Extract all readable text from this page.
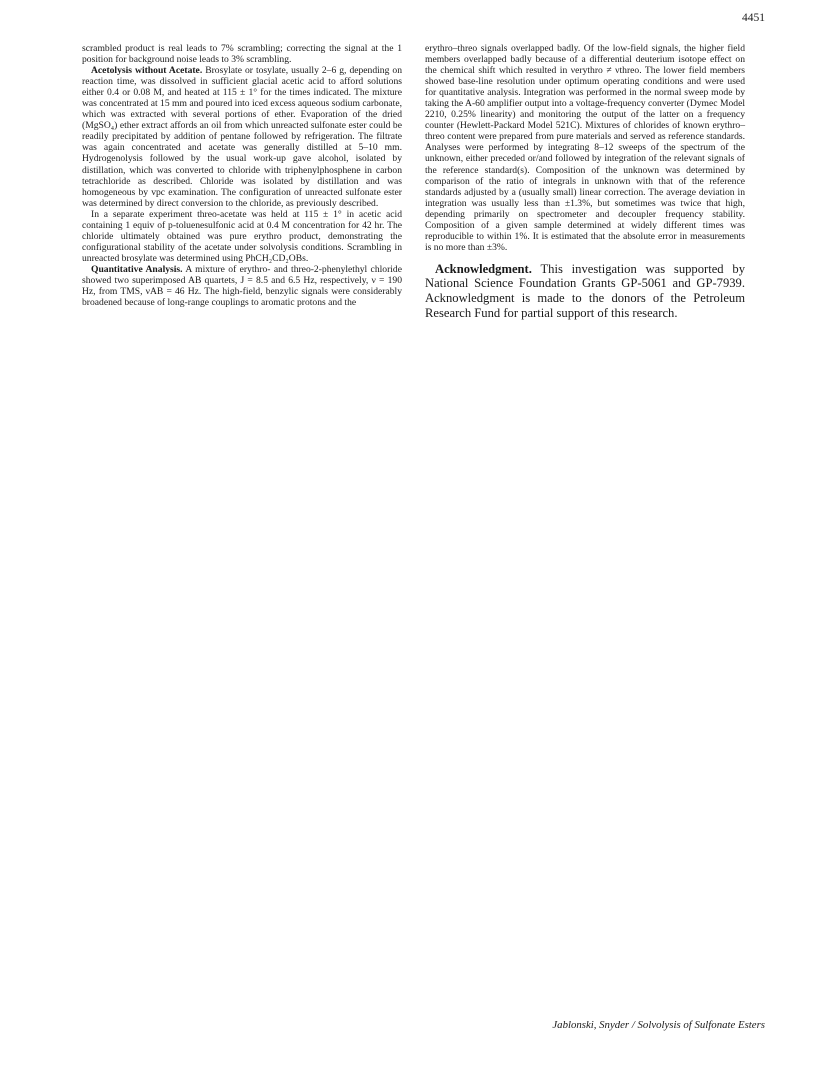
4451

scrambled product is real leads to 7% scrambling; correcting the signal at the 1 position for background noise leads to 3% scrambling.

Acetolysis without Acetate. Brosylate or tosylate, usually 2–6 g, depending on reaction time, was dissolved in sufficient glacial acetic acid to afford solutions either 0.4 or 0.08 M, and heated at 115 ± 1° for the times indicated. The mixture was concentrated at 15 mm and poured into iced excess aqueous sodium carbonate, which was extracted with several portions of ether. Evaporation of the dried (MgSO₄) ether extract affords an oil from which unreacted sulfonate ester could be readily precipitated by addition of pentane followed by refrigeration. The filtrate was again concentrated and acetate was generally distilled at 5–10 mm. Hydrogenolysis followed by the usual work-up gave alcohol, isolated by distillation, which was converted to chloride with triphenylphosphene in carbon tetrachloride as described. Chloride was isolated by distillation and was homogeneous by vpc examination. The configuration of unreacted sulfonate ester was determined by direct conversion to the chloride, as previously described.

In a separate experiment threo-acetate was held at 115 ± 1° in acetic acid containing 1 equiv of p-toluenesulfonic acid at 0.4 M concentration for 42 hr. The chloride ultimately obtained was pure erythro product, demonstrating the configurational stability of the acetate under solvolysis conditions. Scrambling in unreacted brosylate was determined using PhCH₂CD₂OBs.

Quantitative Analysis. A mixture of erythro- and threo-2-phenylethyl chloride showed two superimposed AB quartets, J = 8.5 and 6.5 Hz, respectively, ν = 190 Hz, from TMS, νAB = 46 Hz. The high-field, benzylic signals were considerably broadened because of long-range couplings to aromatic protons and the

erythro–threo signals overlapped badly. Of the low-field signals, the higher field members overlapped badly because of a differential deuterium isotope effect on the chemical shift which resulted in νerythro ≠ νthreo. The lower field members showed base-line resolution under optimum operating conditions and were used for quantitative analysis. Integration was performed in the normal sweep mode by taking the A-60 amplifier output into a voltage-frequency converter (Dymec Model 2210, 0.25% linearity) and monitoring the output of the latter on a frequency counter (Hewlett-Packard Model 521C). Mixtures of chlorides of known erythro–threo content were prepared from pure materials and served as reference standards. Analyses were performed by integrating 8–12 sweeps of the spectrum of the unknown, either preceded or/and followed by integration of the relevant signals of the reference standard(s). Composition of the unknown was determined by comparison of the ratio of integrals in unknown with that of the reference standards adjusted by a (usually small) linear correction. The average deviation in integration was usually less than ±1.3%, but sometimes was twice that high, depending primarily on spectrometer and decoupler frequency stability. Composition of a given sample determined at widely different times was reproducible to within 1%. It is estimated that the absolute error in measurements is no more than ±3%.

Acknowledgment. This investigation was supported by National Science Foundation Grants GP-5061 and GP-7939. Acknowledgment is made to the donors of the Petroleum Research Fund for partial support of this research.

Jablonski, Snyder / Solvolysis of Sulfonate Esters
